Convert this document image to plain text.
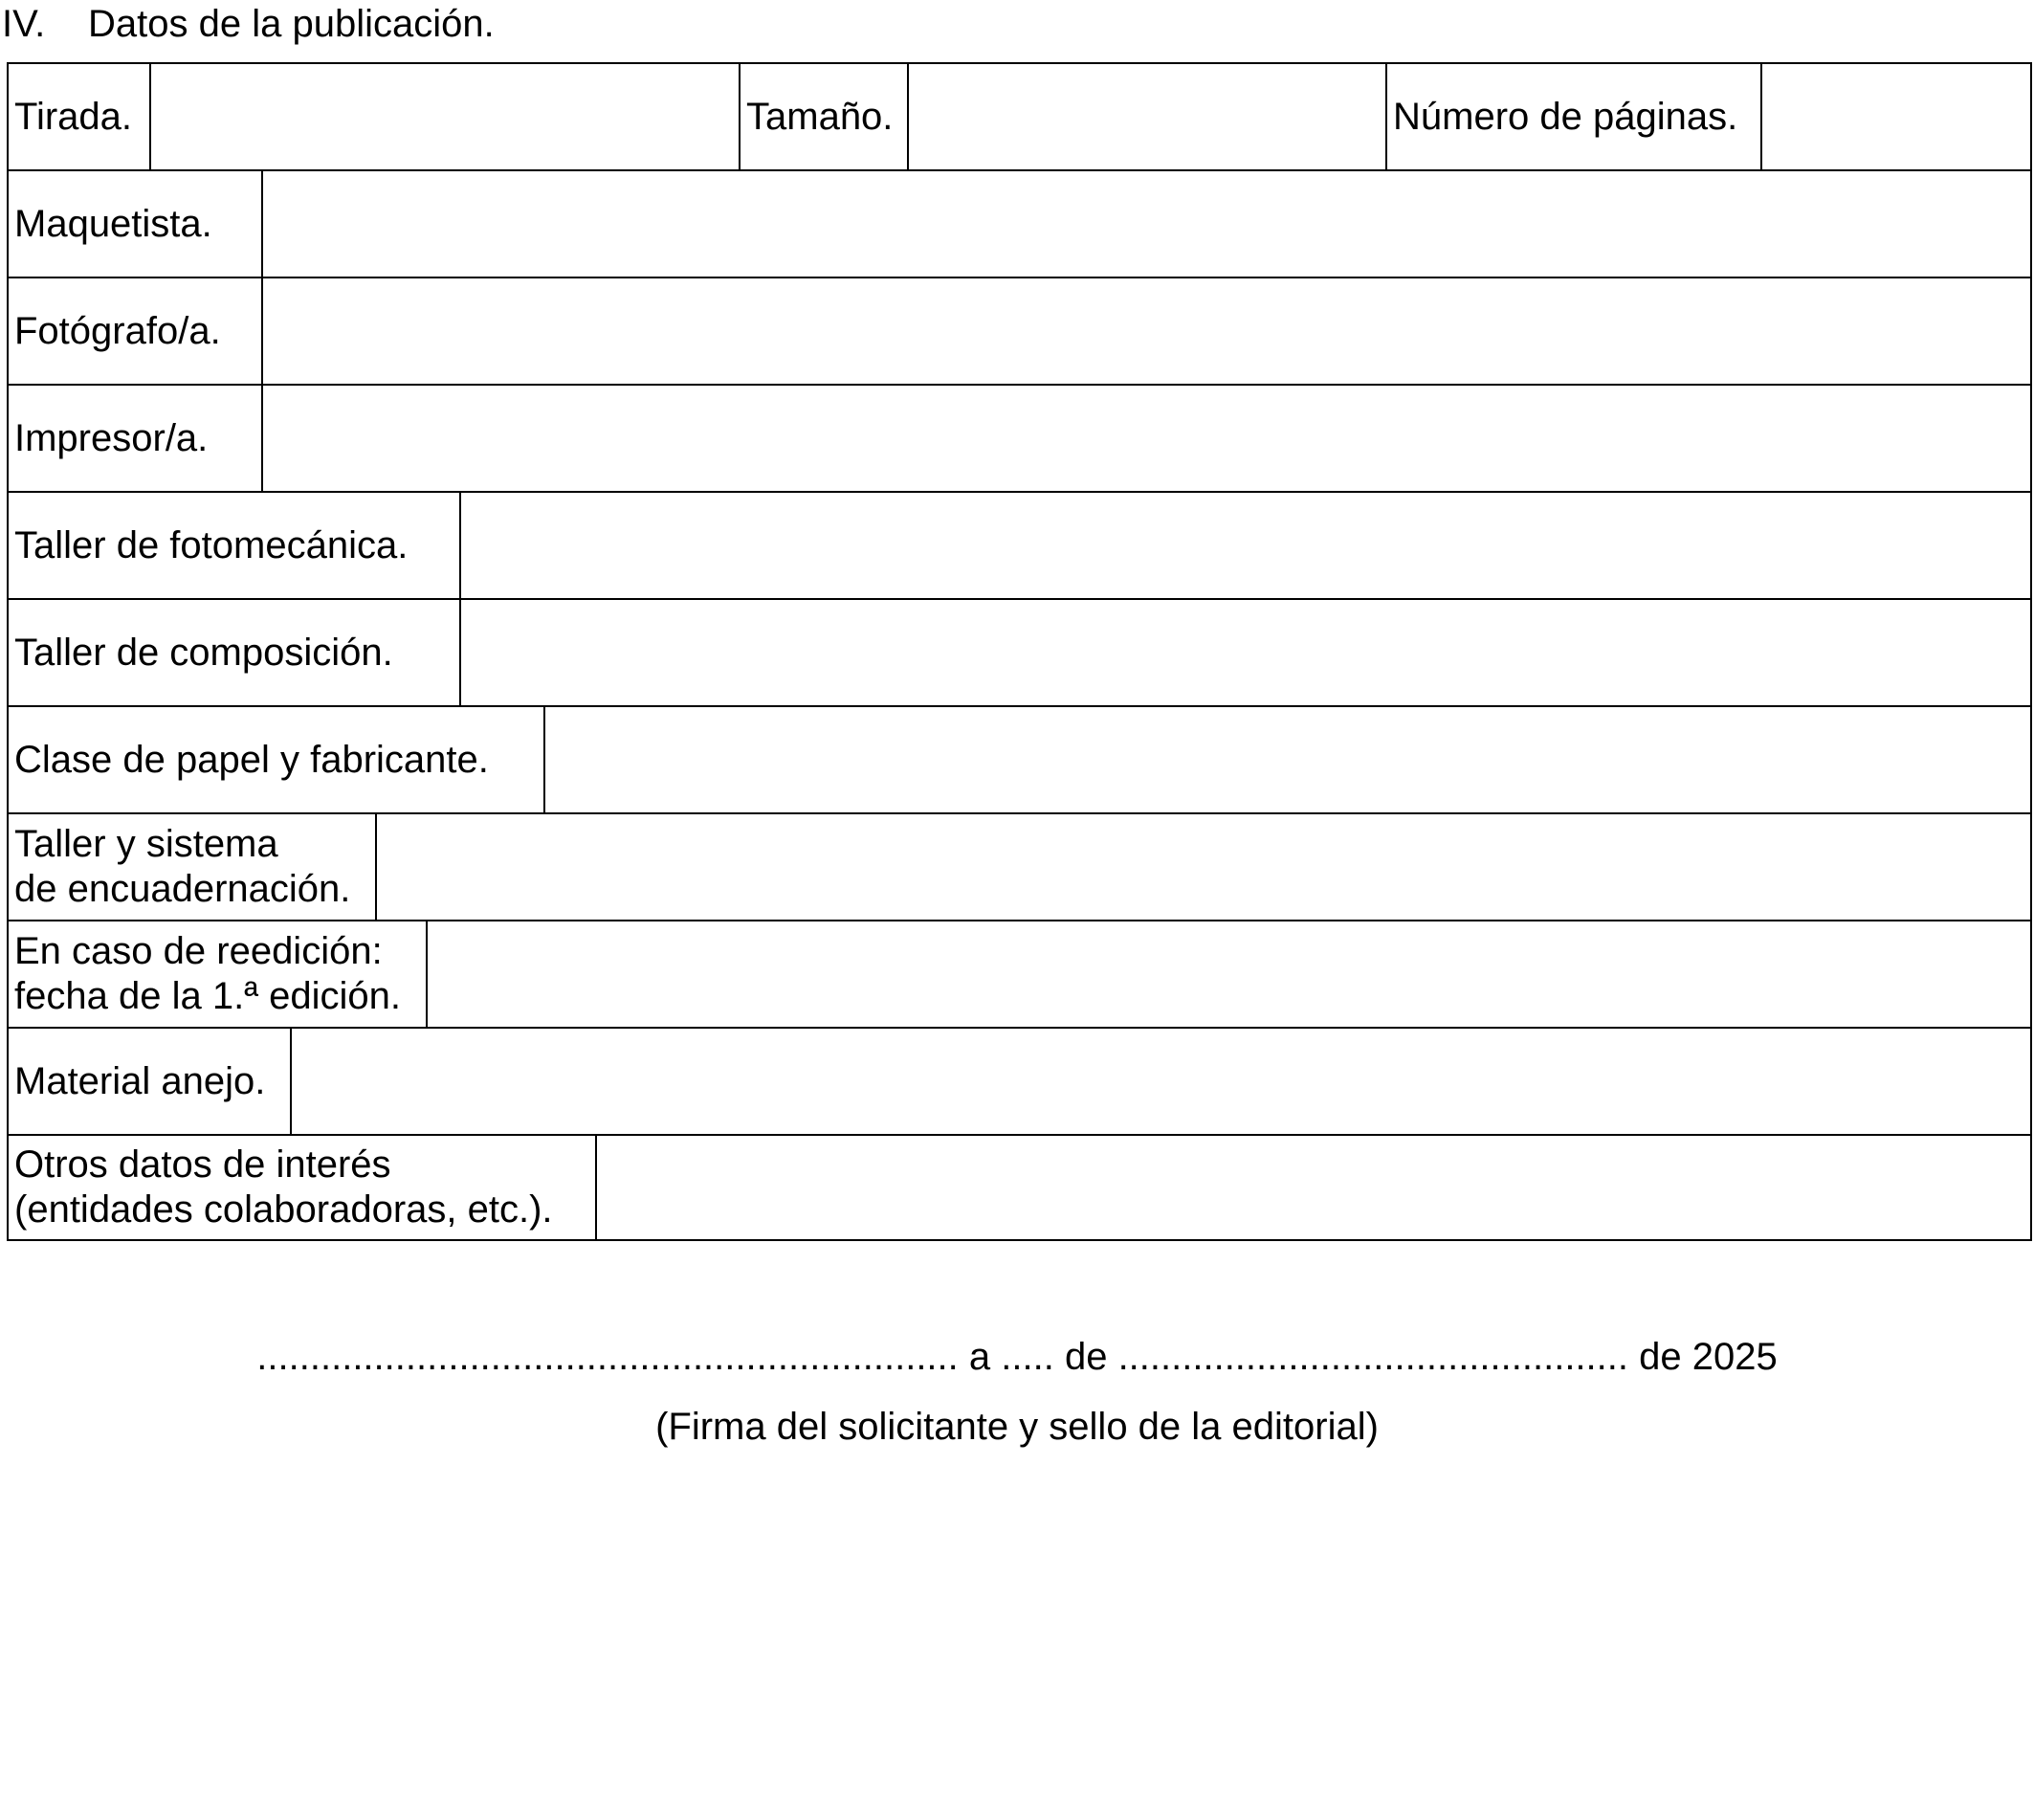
IV. Datos de la publicación.
Tirada.	Tamaño.	Número de páginas.
Maquetista.
Fotógrafo/a.
Impresor/a.
Taller de fotomecánica.
Taller de composición.
Clase de papel y fabricante.
Taller y sistema
de encuadernación.
En caso de reedición:
fecha de la 1.ª edición.
Material anejo.
Otros datos de interés
(entidades colaboradoras, etc.).
.................................................................. a ..... de ................................................ de 2025
(Firma del solicitante y sello de la editorial)
